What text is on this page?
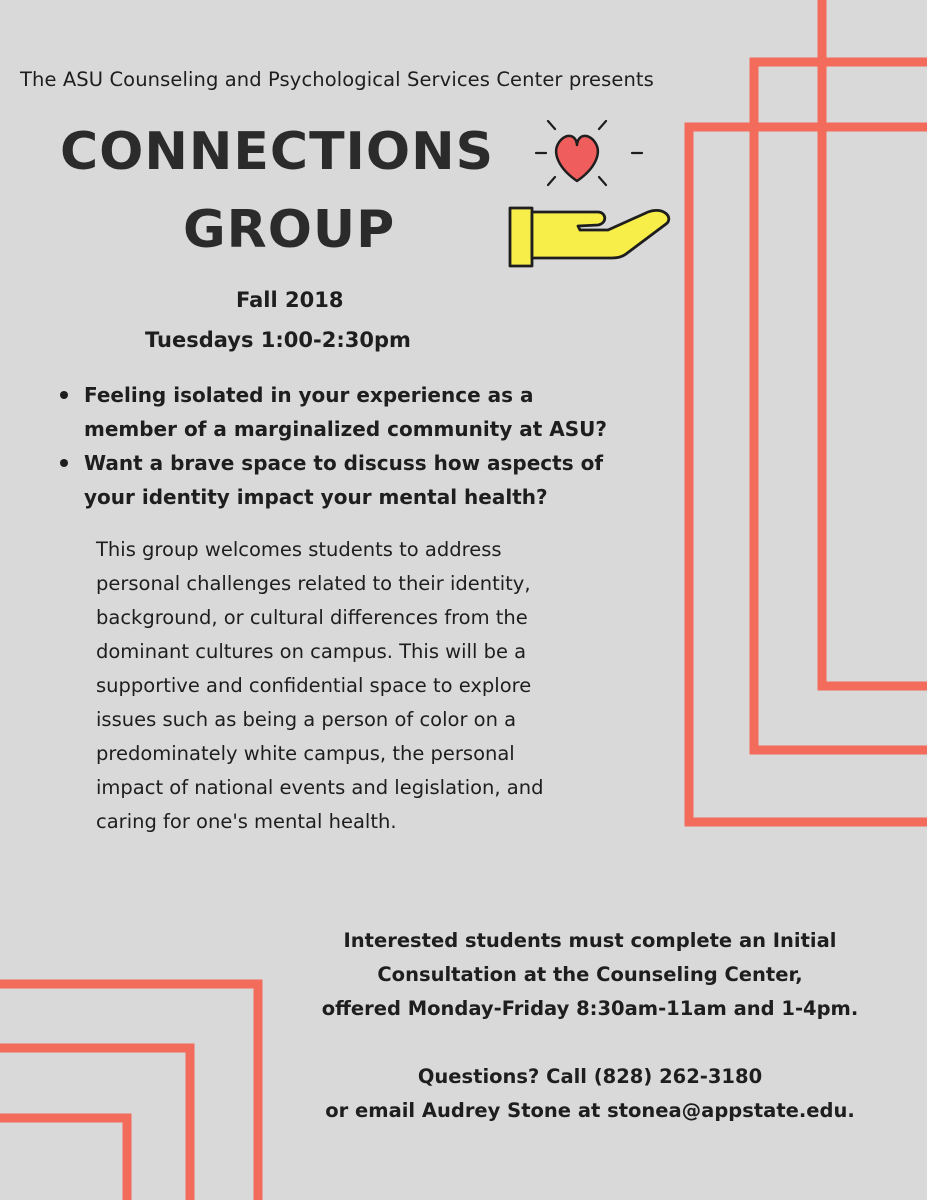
The ASU Counseling and Psychological Services Center presents
CONNECTIONS
GROUP
Fall 2018
Tuesdays 1:00-2:30pm
Feeling isolated in your experience as a
member of a marginalized community at ASU?
Want a brave space to discuss how aspects of
your identity impact your mental health?

This group welcomes students to address
personal challenges related to their identity,
background, or cultural differences from the
dominant cultures on campus. This will be a
supportive and confidential space to explore
issues such as being a person of color on a
predominately white campus, the personal
impact of national events and legislation, and
caring for one's mental health.

Interested students must complete an Initial
Consultation at the Counseling Center,
offered Monday-Friday 8:30am-11am and 1-4pm.

Questions? Call (828) 262-3180
or email Audrey Stone at stonea@appstate.edu.
